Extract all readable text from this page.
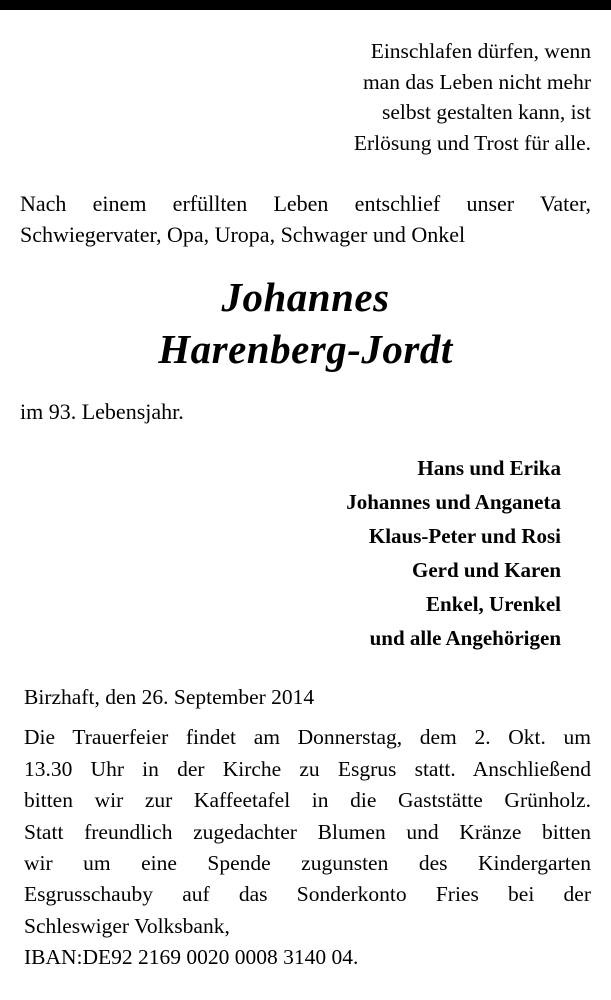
Einschlafen dürfen, wenn
man das Leben nicht mehr
selbst gestalten kann, ist
Erlösung und Trost für alle.
Nach einem erfüllten Leben entschlief unser Vater,
Schwiegervater, Opa, Uropa, Schwager und Onkel
Johannes
Harenberg-Jordt
im 93. Lebensjahr.
Hans und Erika
Johannes und Anganeta
Klaus-Peter und Rosi
Gerd und Karen
Enkel, Urenkel
und alle Angehörigen
Birzhaft, den 26. September 2014

Die Trauerfeier findet am Donnerstag, dem 2. Okt. um

13.30 Uhr in der Kirche zu Esgrus statt. Anschließend

bitten wir zur Kaffeetafel in die Gaststätte Grünholz.

Statt freundlich zugedachter Blumen und Kränze bitten

wir um eine Spende zugunsten des Kindergarten

Esgrusschauby auf das Sonderkonto Fries bei der

Schleswiger Volksbank,

IBAN:DE92 2169 0020 0008 3140 04.
